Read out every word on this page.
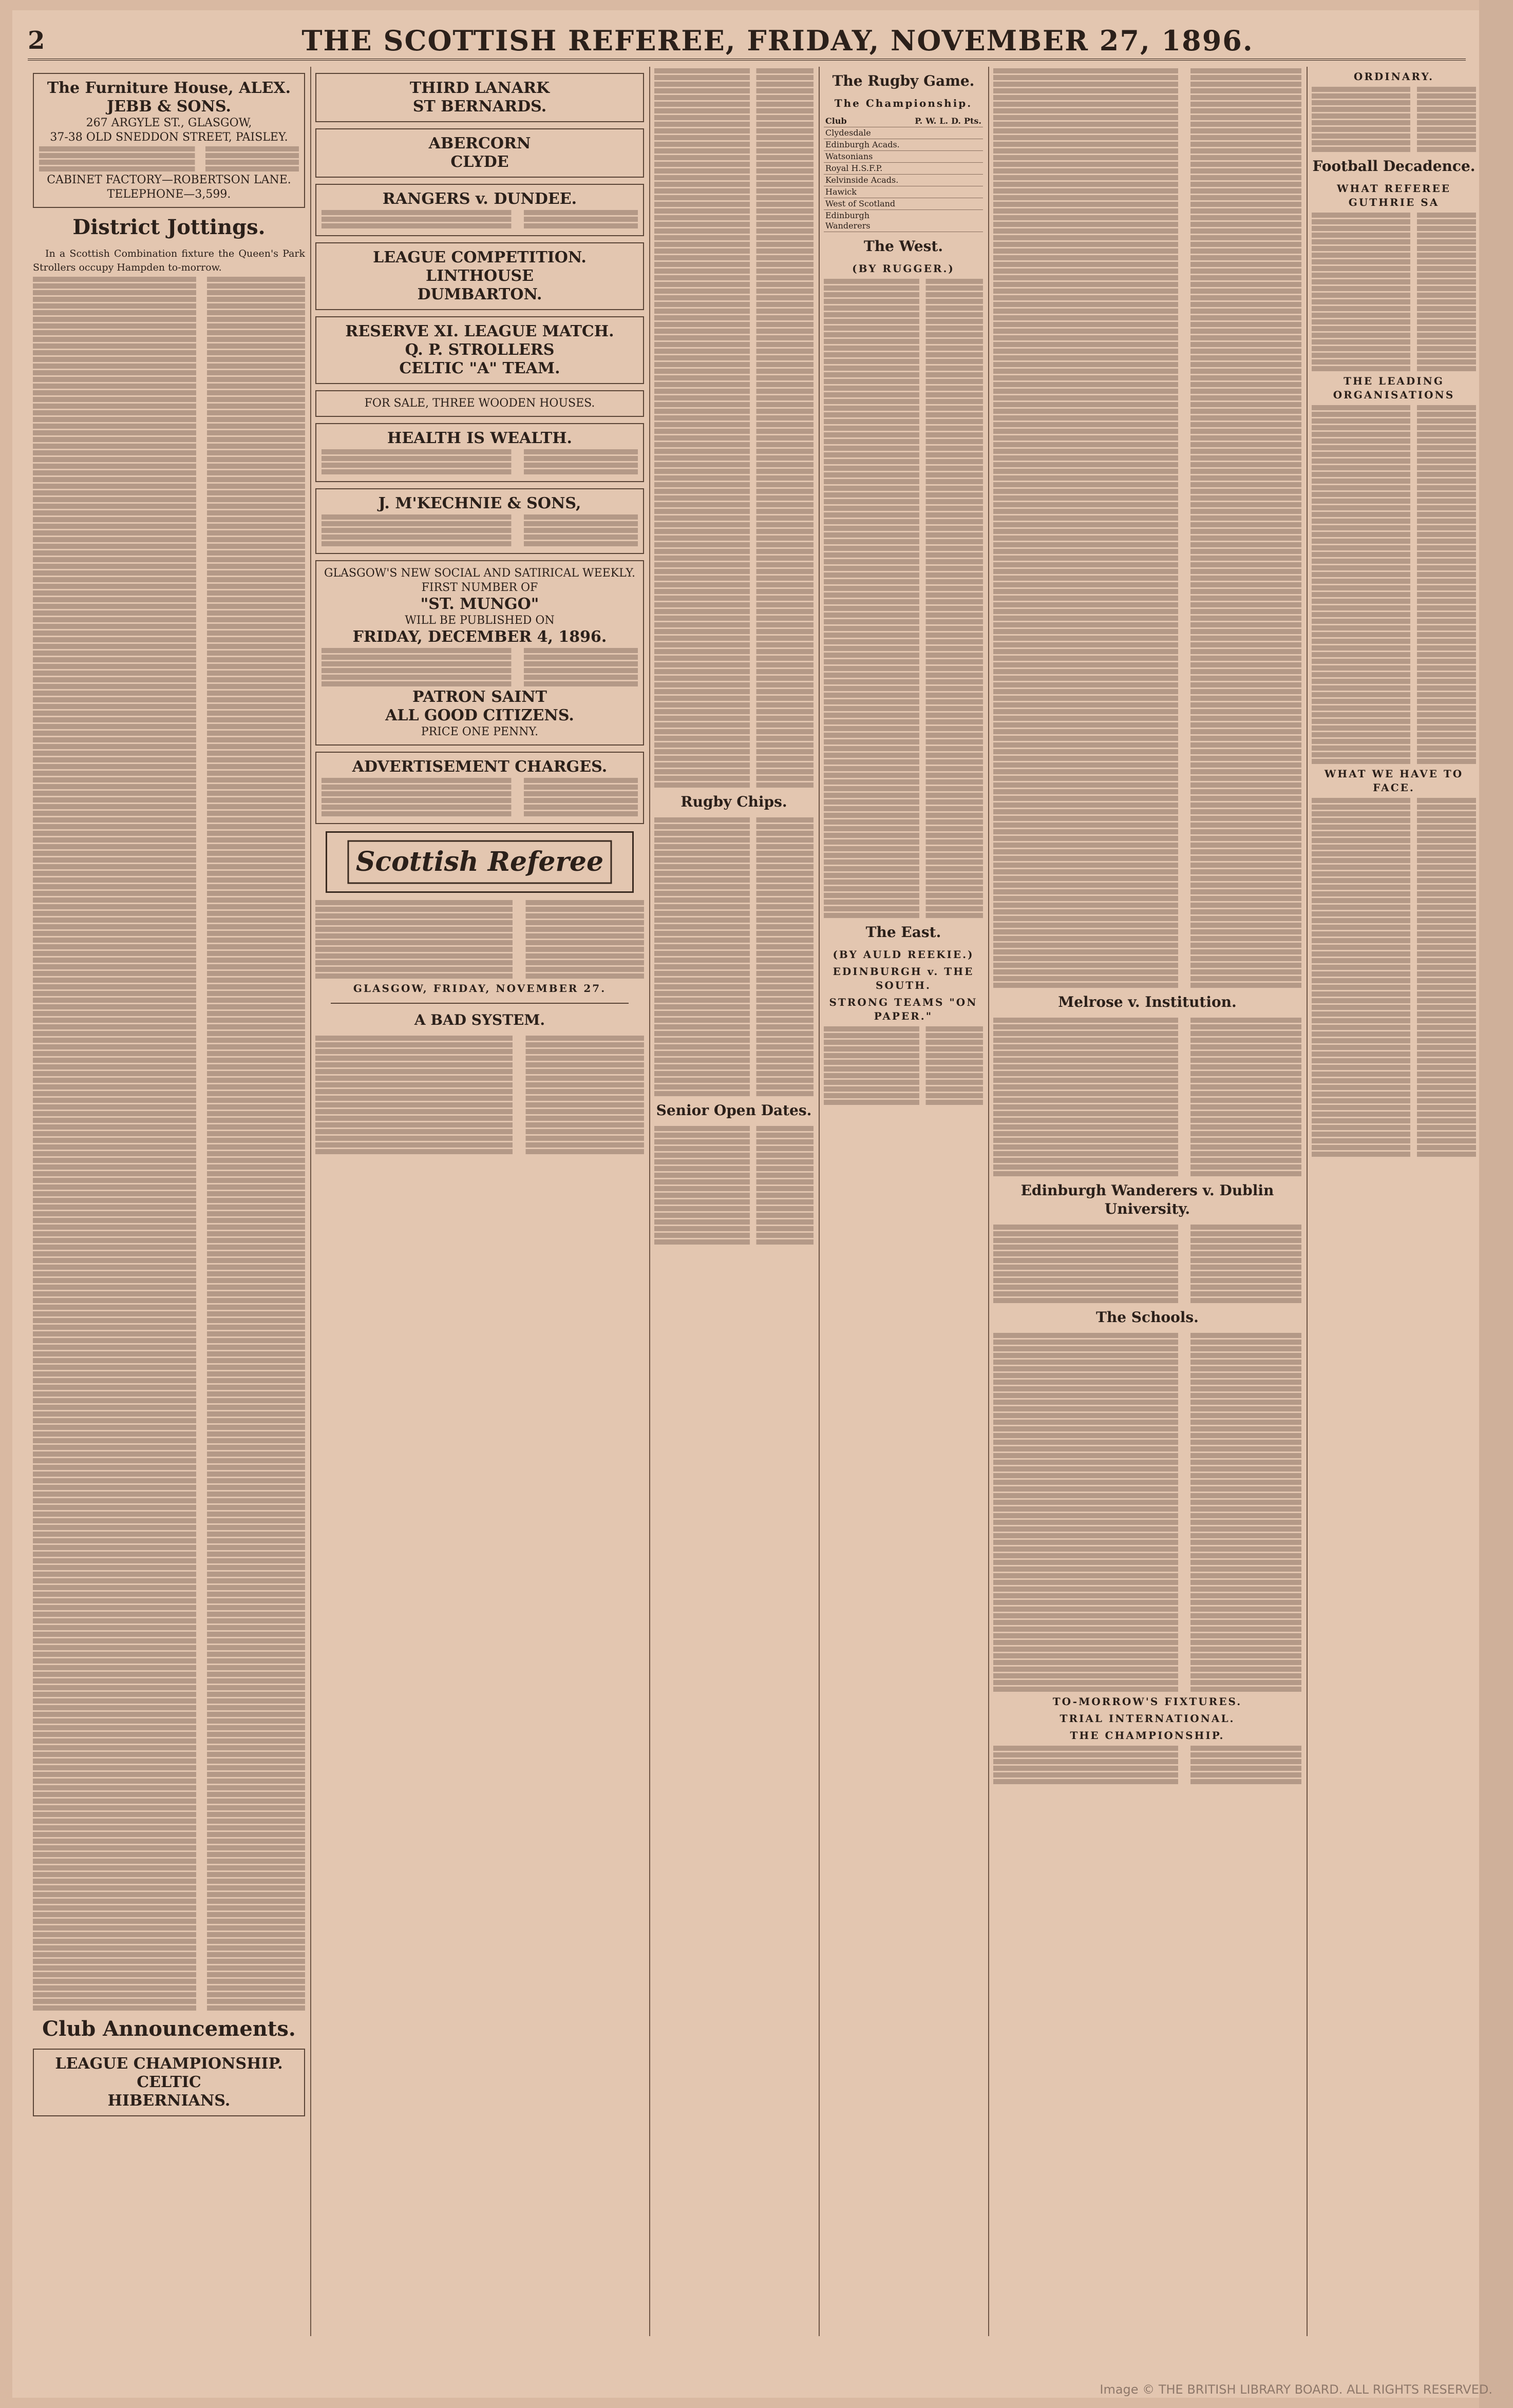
2	THE SCOTTISH REFEREE, FRIDAY, NOVEMBER 27, 1896.
The Furniture House, ALEX. JEBB & SONS.
267 ARGYLE ST., GLASGOW,
37-38 OLD SNEDDON STREET, PAISLEY.
CABINET FACTORY—ROBERTSON LANE.
TELEPHONE—3,599.
District Jottings.

In a Scottish Combination fixture the Queen's Park Strollers occupy Hampden to-morrow.

Club Announcements.
LEAGUE CHAMPIONSHIP.
CELTIC
HIBERNIANS.
THIRD LANARK
ST BERNARDS.
ABERCORN
CLYDE
RANGERS v. DUNDEE.
LEAGUE COMPETITION.
LINTHOUSE
DUMBARTON.
RESERVE XI. LEAGUE MATCH.
Q. P. STROLLERS
CELTIC "A" TEAM.
FOR SALE, THREE WOODEN HOUSES.
HEALTH IS WEALTH.
J. M'KECHNIE & SONS,
GLASGOW'S NEW SOCIAL AND SATIRICAL WEEKLY.
FIRST NUMBER OF
"ST. MUNGO"
WILL BE PUBLISHED ON
FRIDAY, DECEMBER 4, 1896.
PATRON SAINT
ALL GOOD CITIZENS.
PRICE ONE PENNY.
ADVERTISEMENT CHARGES.
Scottish Referee
GLASGOW, FRIDAY, NOVEMBER 27.
A BAD SYSTEM.
Rugby Chips.
Senior Open Dates.
The Rugby Game.
The Championship.
Club	P.	W.	L.	D.	Pts.
Clydesdale					
Edinburgh Acads.					
Watsonians					
Royal H.S.F.P.					
Kelvinside Acads.					
Hawick					
West of Scotland					
Edinburgh Wanderers					
The West.
(BY RUGGER.)
The East.
(BY AULD REEKIE.)
EDINBURGH v. THE SOUTH.
STRONG TEAMS "ON PAPER."
Melrose v. Institution.
Edinburgh Wanderers v. Dublin University.
The Schools.
TO-MORROW'S FIXTURES.
TRIAL INTERNATIONAL.
THE CHAMPIONSHIP.
ORDINARY.
Football Decadence.
WHAT REFEREE GUTHRIE SA
THE LEADING ORGANISATIONS
WHAT WE HAVE TO FACE.
Image © THE BRITISH LIBRARY BOARD. ALL RIGHTS RESERVED.
